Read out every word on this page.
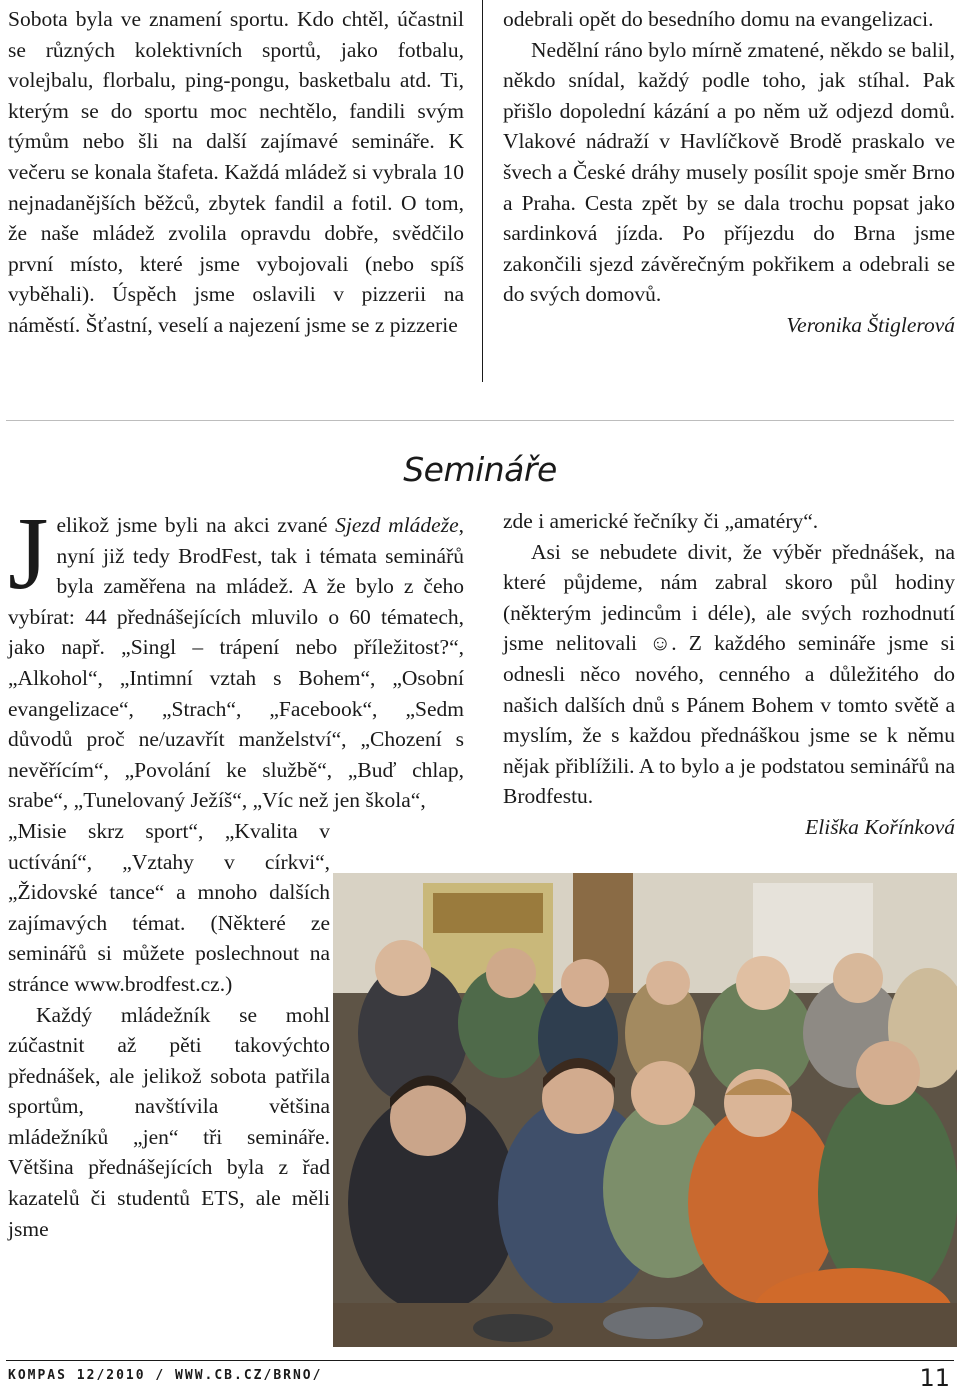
Sobota byla ve znamení sportu. Kdo chtěl, účastnil se různých kolektivních sportů, jako fotbalu, volejbalu, florbalu, ping-pongu, basketbalu atd. Ti, kterým se do sportu moc nechtělo, fandili svým týmům nebo šli na další zajímavé semináře. K večeru se konala štafeta. Každá mládež si vybrala 10 nejnadanějších běžců, zbytek fandil a fotil. O tom, že naše mládež zvolila opravdu dobře, svědčilo první místo, které jsme vybojovali (nebo spíš vyběhali). Úspěch jsme oslavili v pizzerii na náměstí. Šťastní, veselí a najezení jsme se z pizzerie

odebrali opět do besedního domu na evangelizaci.

Nedělní ráno bylo mírně zmatené, někdo se balil, někdo snídal, každý podle toho, jak stíhal. Pak přišlo dopolední kázání a po něm už odjezd domů. Vlakové nádraží v Havlíčkově Brodě praskalo ve švech a České dráhy musely posílit spoje směr Brno a Praha. Cesta zpět by se dala trochu popsat jako sardinková jízda. Po příjezdu do Brna jsme zakončili sjezd závěrečným pokřikem a odebrali se do svých domovů.

Veronika Štiglerová

Semináře

Jelikož jsme byli na akci zvané Sjezd mládeže, nyní již tedy BrodFest, tak i témata seminářů byla zaměřena na mládež. A že bylo z čeho vybírat: 44 přednášejících mluvilo o 60 tématech, jako např. „Singl – trápení nebo příležitost?“, „Alkohol“, „Intimní vztah s Bohem“, „Osobní evangelizace“, „Strach“, „Facebook“, „Sedm důvodů proč ne/uzavřít manželství“, „Chození s nevěřícím“, „Povolání ke službě“, „Buď chlap, srabe“, „Tunelovaný Ježíš“, „Víc než jen škola“,

„Misie skrz sport“, „Kvalita v uctívání“, „Vztahy v církvi“, „Židovské tance“ a mnoho dalších zajímavých témat. (Některé ze seminářů si můžete poslechnout na stránce www.brodfest.cz.)

Každý mládežník se mohl zúčastnit až pěti takovýchto přednášek, ale jelikož sobota patřila sportům, navštívila většina mládežníků „jen“ tři semináře. Většina přednášejících byla z řad kazatelů či studentů ETS, ale měli jsme

zde i americké řečníky či „amatéry“.

Asi se nebudete divit, že výběr přednášek, na které půjdeme, nám zabral skoro půl hodiny (některým jedincům i déle), ale svých rozhodnutí jsme nelitovali ☺. Z každého semináře jsme si odnesli něco nového, cenného a důležitého do našich dalších dnů s Pánem Bohem v tomto světě a myslím, že s každou přednáškou jsme se k němu nějak přiblížili. A to bylo a je podstatou seminářů na Brodfestu.

Eliška Kořínková

KOMPAS 12/2010 / WWW.CB.CZ/BRNO/	11
